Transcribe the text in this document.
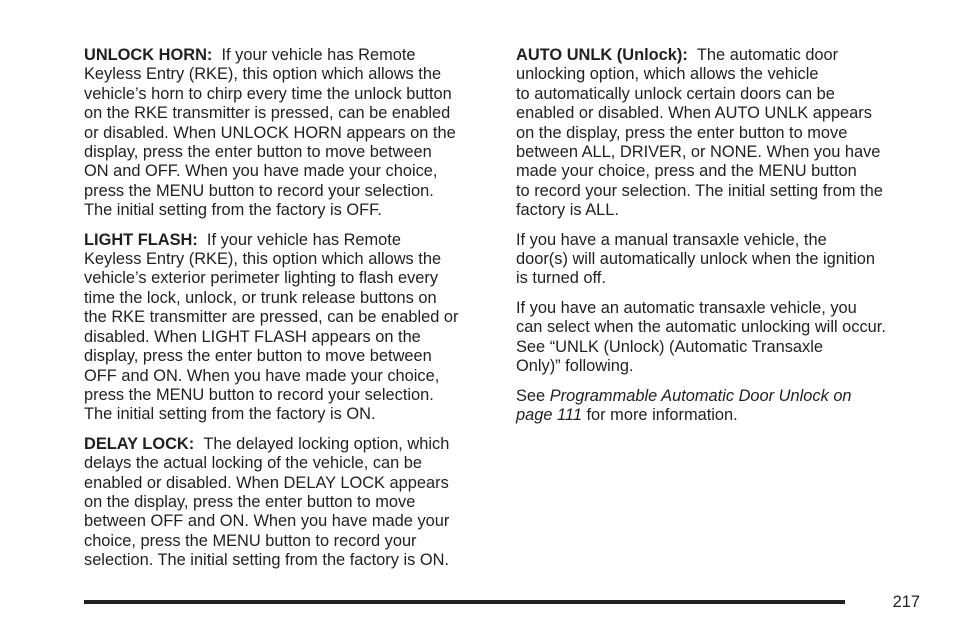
UNLOCK HORN: If your vehicle has Remote
Keyless Entry (RKE), this option which allows the
vehicle’s horn to chirp every time the unlock button
on the RKE transmitter is pressed, can be enabled
or disabled. When UNLOCK HORN appears on the
display, press the enter button to move between
ON and OFF. When you have made your choice,
press the MENU button to record your selection.
The initial setting from the factory is OFF.

LIGHT FLASH: If your vehicle has Remote
Keyless Entry (RKE), this option which allows the
vehicle’s exterior perimeter lighting to flash every
time the lock, unlock, or trunk release buttons on
the RKE transmitter are pressed, can be enabled or
disabled. When LIGHT FLASH appears on the
display, press the enter button to move between
OFF and ON. When you have made your choice,
press the MENU button to record your selection.
The initial setting from the factory is ON.

DELAY LOCK: The delayed locking option, which
delays the actual locking of the vehicle, can be
enabled or disabled. When DELAY LOCK appears
on the display, press the enter button to move
between OFF and ON. When you have made your
choice, press the MENU button to record your
selection. The initial setting from the factory is ON.

AUTO UNLK (Unlock): The automatic door
unlocking option, which allows the vehicle
to automatically unlock certain doors can be
enabled or disabled. When AUTO UNLK appears
on the display, press the enter button to move
between ALL, DRIVER, or NONE. When you have
made your choice, press and the MENU button
to record your selection. The initial setting from the
factory is ALL.

If you have a manual transaxle vehicle, the
door(s) will automatically unlock when the ignition
is turned off.

If you have an automatic transaxle vehicle, you
can select when the automatic unlocking will occur.
See “UNLK (Unlock) (Automatic Transaxle
Only)” following.

See Programmable Automatic Door Unlock on
page 111 for more information.

217
